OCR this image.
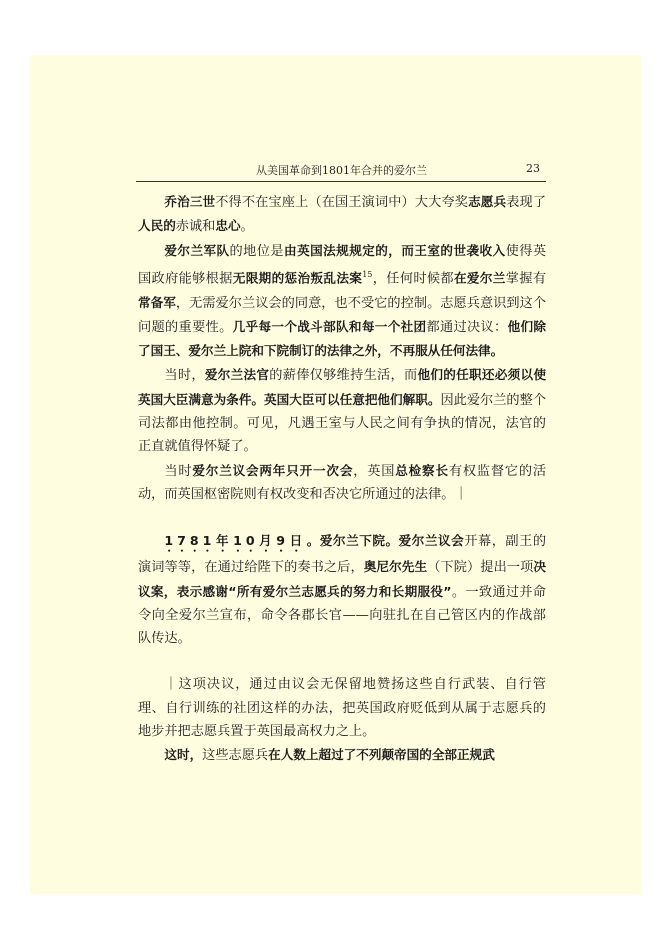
从美国革命到1801年合并的爱尔兰	23

乔治三世不得不在宝座上（在国王演词中）大大夸奖志愿兵表现了人民的赤诚和忠心。

爱尔兰军队的地位是由英国法规规定的，而王室的世袭收入使得英国政府能够根据无限期的惩治叛乱法案$^{15}$，任何时候都在爱尔兰掌握有常备军，无需爱尔兰议会的同意，也不受它的控制。志愿兵意识到这个问题的重要性。几乎每一个战斗部队和每一个社团都通过决议：他们除了国王、爱尔兰上院和下院制订的法律之外，不再服从任何法律。

当时，爱尔兰法官的薪俸仅够维持生活，而他们的任职还必须以使英国大臣满意为条件。英国大臣可以任意把他们解职。因此爱尔兰的整个司法都由他控制。可见，凡遇王室与人民之间有争执的情况，法官的正直就值得怀疑了。

当时爱尔兰议会两年只开一次会，英国总检察长有权监督它的活动，而英国枢密院则有权改变和否决它所通过的法律。｜

1781年10月9日。爱尔兰下院。爱尔兰议会开幕，副王的演词等等，在通过给陛下的奏书之后，奥尼尔先生（下院）提出一项决议案，表示感谢“所有爱尔兰志愿兵的努力和长期服役”。一致通过并命令向全爱尔兰宣布，命令各郡长官——向驻扎在自己管区内的作战部队传达。

｜这项决议，通过由议会无保留地赞扬这些自行武装、自行管理、自行训练的社团这样的办法，把英国政府贬低到从属于志愿兵的地步并把志愿兵置于英国最高权力之上。

这时，这些志愿兵在人数上超过了不列颠帝国的全部正规武
